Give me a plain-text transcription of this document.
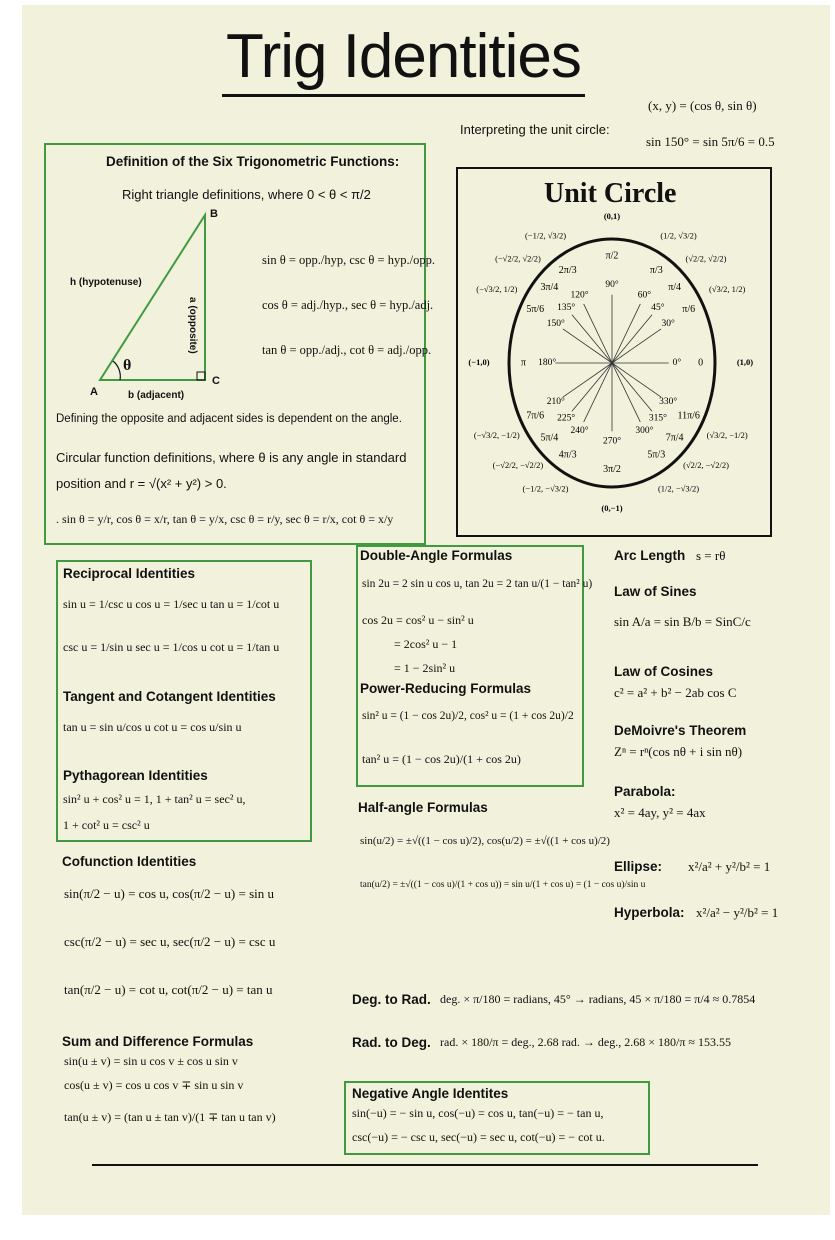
Trig Identities
(x, y) = (cos θ, sin θ)
Interpreting the unit circle:
sin 150° = sin 5π/6 = 0.5
Definition of the Six Trigonometric Functions:
Right triangle definitions, where 0 < θ < π/2
h (hypotenuse)
a (opposite)
b (adjacent)
A
B
C
θ
sin θ = opp./hyp, csc θ = hyp./opp.
cos θ = adj./hyp., sec θ = hyp./adj.
tan θ = opp./adj., cot θ = adj./opp.
Defining the opposite and adjacent sides is dependent on the angle.
Circular function definitions, where θ is any angle in standard
position and r = √(x² + y²) > 0.
. sin θ = y/r, cos θ = x/r, tan θ = y/x, csc θ = r/y, sec θ = r/x, cot θ = x/y
Unit Circle
0° 0	(1,0)
30°
π/6
(√3/2, 1/2)
45°
π/4
(√2/2, √2/2)
60°
π/3
(1/2, √3/2)
90°
π/2
(0,1)
120°
2π/3
(−1/2, √3/2)
135°
3π/4
(−√2/2, √2/2)
150°
5π/6
(−√3/2, 1/2)
180°
π
(−1,0)
210°
7π/6
(−√3/2, −1/2)
225°
5π/4
(−√2/2, −√2/2)
240°
4π/3
(−1/2, −√3/2)
270°
3π/2
(0,−1)
300°
5π/3
(1/2, −√3/2)
315°
7π/4
(√2/2, −√2/2)
330°
11π/6
(√3/2, −1/2)
Reciprocal Identities
sin u = 1/csc u cos u = 1/sec u tan u = 1/cot u
csc u = 1/sin u sec u = 1/cos u cot u = 1/tan u
Tangent and Cotangent Identities
tan u = sin u/cos u cot u = cos u/sin u
Pythagorean Identities
sin² u + cos² u = 1, 1 + tan² u = sec² u,
1 + cot² u = csc² u
Double-Angle Formulas
sin 2u = 2 sin u cos u, tan 2u = 2 tan u/(1 − tan² u)
cos 2u = cos² u − sin² u
= 2cos² u − 1
= 1 − 2sin² u
Power-Reducing Formulas
sin² u = (1 − cos 2u)/2, cos² u = (1 + cos 2u)/2
tan² u = (1 − cos 2u)/(1 + cos 2u)
Half-angle Formulas
sin(u/2) = ±√((1 − cos u)/2), cos(u/2) = ±√((1 + cos u)/2)
tan(u/2) = ±√((1 − cos u)/(1 + cos u)) = sin u/(1 + cos u) = (1 − cos u)/sin u
Cofunction Identities
sin(π/2 − u) = cos u, cos(π/2 − u) = sin u
csc(π/2 − u) = sec u, sec(π/2 − u) = csc u
tan(π/2 − u) = cot u, cot(π/2 − u) = tan u
Sum and Difference Formulas
sin(u ± v) = sin u cos v ± cos u sin v
cos(u ± v) = cos u cos v ∓ sin u sin v
tan(u ± v) = (tan u ± tan v)/(1 ∓ tan u tan v)
Arc Length s = rθ
Law of Sines
sin A/a = sin B/b = SinC/c
Law of Cosines
c² = a² + b² − 2ab cos C
DeMoivre's Theorem
Zⁿ = rⁿ(cos nθ + i sin nθ)
Parabola:
x² = 4ay, y² = 4ax
Ellipse: x²/a² + y²/b² = 1
Hyperbola: x²/a² − y²/b² = 1
Deg. to Rad. deg. × π/180 = radians, 45° → radians, 45 × π/180 = π/4 ≈ 0.7854
Rad. to Deg. rad. × 180/π = deg., 2.68 rad. → deg., 2.68 × 180/π ≈ 153.55
Negative Angle Identites
sin(−u) = − sin u, cos(−u) = cos u, tan(−u) = − tan u,
csc(−u) = − csc u, sec(−u) = sec u, cot(−u) = − cot u.
